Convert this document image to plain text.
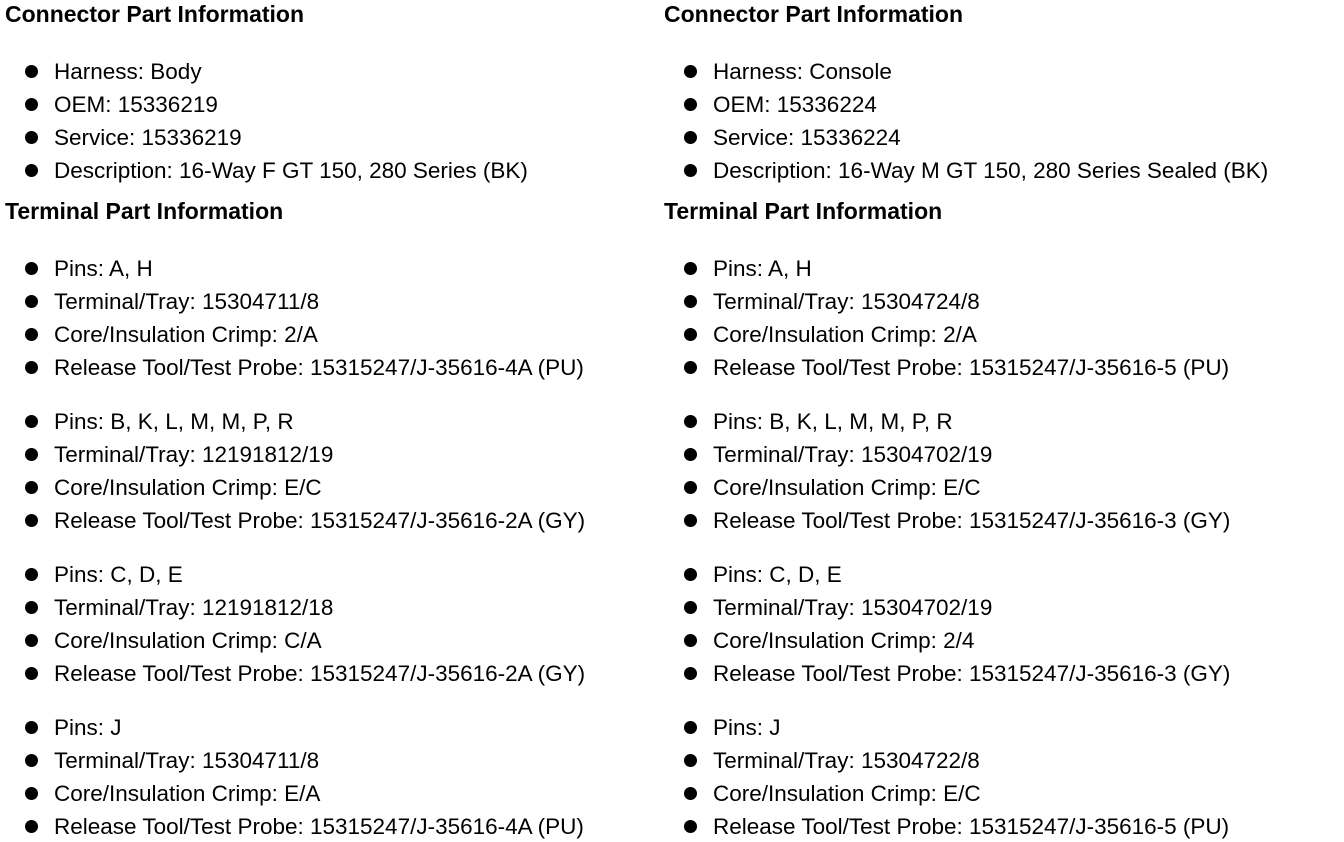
Connector Part Information
Harness: Body
OEM: 15336219
Service: 15336219
Description: 16-Way F GT 150, 280 Series (BK)
Terminal Part Information
Pins: A, H
Terminal/Tray: 15304711/8
Core/Insulation Crimp: 2/A
Release Tool/Test Probe: 15315247/J-35616-4A (PU)
Pins: B, K, L, M, M, P, R
Terminal/Tray: 12191812/19
Core/Insulation Crimp: E/C
Release Tool/Test Probe: 15315247/J-35616-2A (GY)
Pins: C, D, E
Terminal/Tray: 12191812/18
Core/Insulation Crimp: C/A
Release Tool/Test Probe: 15315247/J-35616-2A (GY)
Pins: J
Terminal/Tray: 15304711/8
Core/Insulation Crimp: E/A
Release Tool/Test Probe: 15315247/J-35616-4A (PU)
Connector Part Information
Harness: Console
OEM: 15336224
Service: 15336224
Description: 16-Way M GT 150, 280 Series Sealed (BK)
Terminal Part Information
Pins: A, H
Terminal/Tray: 15304724/8
Core/Insulation Crimp: 2/A
Release Tool/Test Probe: 15315247/J-35616-5 (PU)
Pins: B, K, L, M, M, P, R
Terminal/Tray: 15304702/19
Core/Insulation Crimp: E/C
Release Tool/Test Probe: 15315247/J-35616-3 (GY)
Pins: C, D, E
Terminal/Tray: 15304702/19
Core/Insulation Crimp: 2/4
Release Tool/Test Probe: 15315247/J-35616-3 (GY)
Pins: J
Terminal/Tray: 15304722/8
Core/Insulation Crimp: E/C
Release Tool/Test Probe: 15315247/J-35616-5 (PU)
